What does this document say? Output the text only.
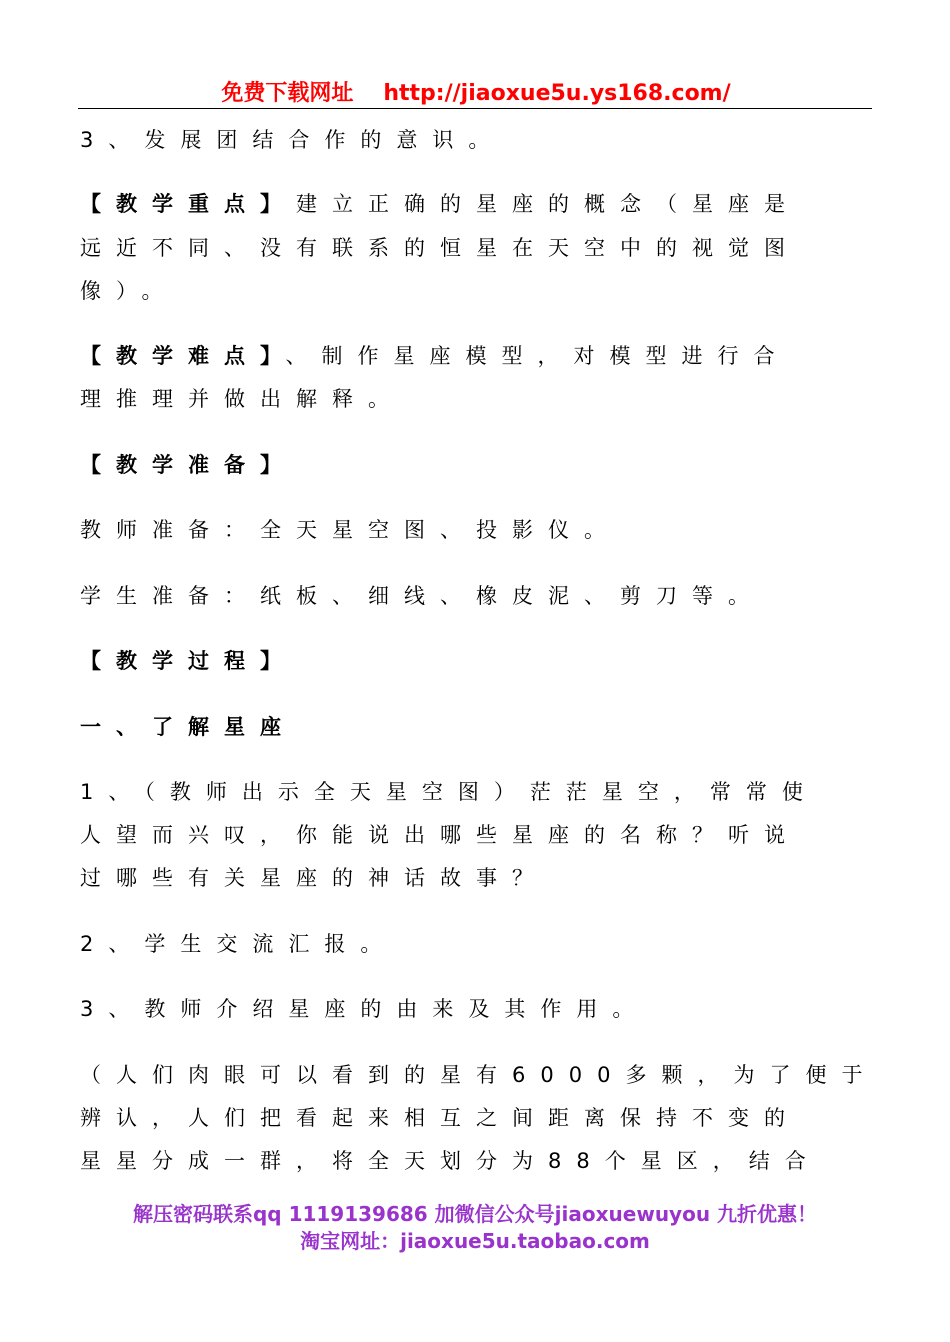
免费下载网址 http://jiaoxue5u.ys168.com/
3、发展团结合作的意识。
【教学重点】建立正确的星座的概念（星座是
远近不同、没有联系的恒星在天空中的视觉图
像）。
【教学难点】、制作星座模型，对模型进行合
理推理并做出解释。
【教学准备】
教师准备：全天星空图、投影仪。
学生准备：纸板、细线、橡皮泥、剪刀等。
【教学过程】
一、了解星座
1、（教师出示全天星空图）茫茫星空，常常使
人望而兴叹，你能说出哪些星座的名称？听说
过哪些有关星座的神话故事？
2、学生交流汇报。
3、教师介绍星座的由来及其作用。
（人们肉眼可以看到的星有6000多颗，为了便于
辨认，人们把看起来相互之间距离保持不变的
星星分成一群，将全天划分为88个星区，结合
解压密码联系qq 1119139686 加微信公众号jiaoxuewuyou 九折优惠！
淘宝网址：jiaoxue5u.taobao.com
